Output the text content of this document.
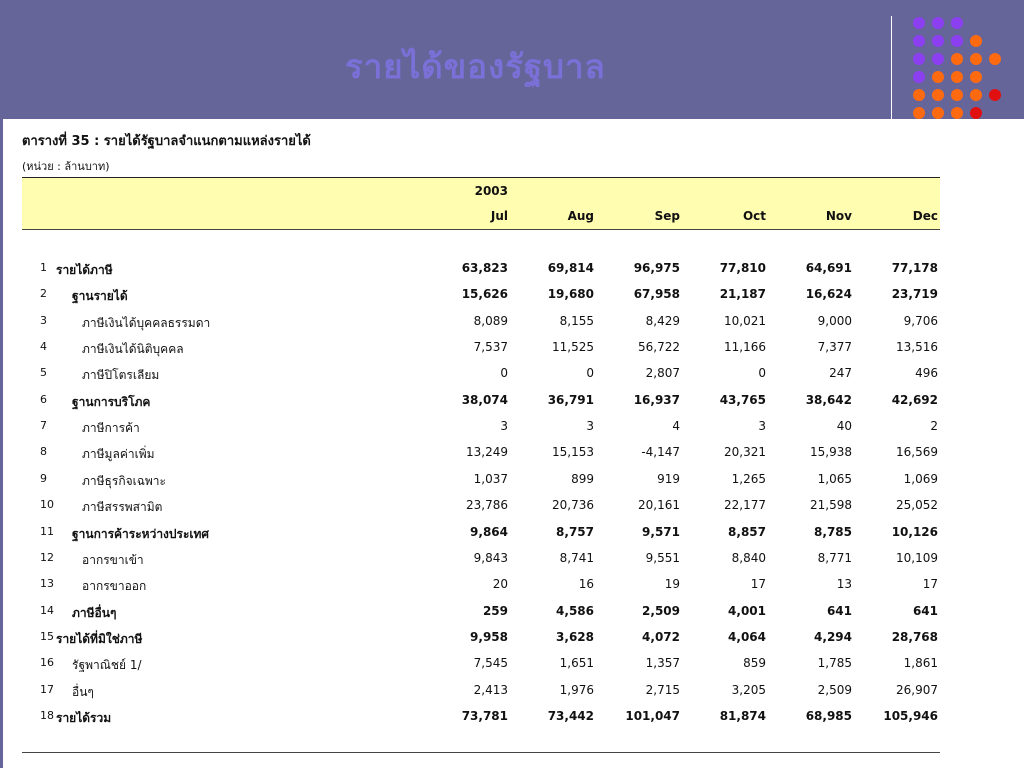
รายได้ของรัฐบาล
ตารางที่ 35 : รายได้รัฐบาลจำแนกตามแหล่งรายได้
(หน่วย : ล้านบาท)
2003
Jul	Aug	Sep	Oct	Nov	Dec
1 รายได้ภาษี	63,823	69,814	96,975	77,810	64,691	77,178
2 ฐานรายได้	15,626	19,680	67,958	21,187	16,624	23,719
3	ภาษีเงินได้บุคคลธรรมดา	8,089	8,155	8,429	10,021	9,000	9,706
4	ภาษีเงินได้นิติบุคคล	7,537	11,525	56,722	11,166	7,377	13,516
5	ภาษีปิโตรเลียม	0	0	2,807	0	247	496
6 ฐานการบริโภค	38,074	36,791	16,937	43,765	38,642	42,692
7	ภาษีการค้า	3	3	4	3	40	2
8	ภาษีมูลค่าเพิ่ม	13,249	15,153	-4,147	20,321	15,938	16,569
9	ภาษีธุรกิจเฉพาะ	1,037	899	919	1,265	1,065	1,069
10 ภาษีสรรพสามิต	23,786	20,736	20,161	22,177	21,598	25,052
11 ฐานการค้าระหว่างประเทศ	9,864	8,757	9,571	8,857	8,785	10,126
12 อากรขาเข้า	9,843	8,741	9,551	8,840	8,771	10,109
13 อากรขาออก	20	16	19	17	13	17
14 ภาษีอื่นๆ	259	4,586	2,509	4,001	641	641
15 รายได้ที่มิใช่ภาษี	9,958	3,628	4,072	4,064	4,294	28,768
16 รัฐพาณิชย์ 1/	7,545	1,651	1,357	859	1,785	1,861
17 อื่นๆ	2,413	1,976	2,715	3,205	2,509	26,907
18 รายได้รวม	73,781	73,442	101,047	81,874	68,985	105,946
